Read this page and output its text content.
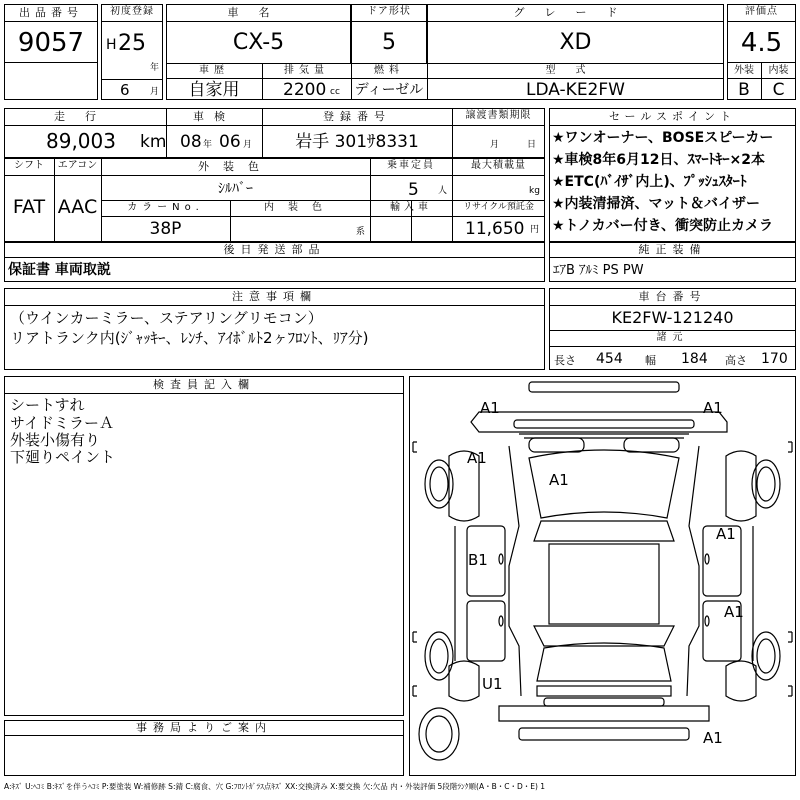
出品番号
9057
初度登録
H 25
年
6 月
車名
CX-5
ドア形状
5
グレード
XD
車歴
自家用
排気量
2200 cc
燃料
ディーゼル
型式
LDA-KE2FW
評価点
4.5
外装	内装
B	C
走行
89,003 km
車検
08 年 06 月
登録番号
岩手 301ｻ8331
譲渡書類期限
月	日
シフト
FAT
エアコン
AAC
外装色
ｼﾙﾊﾞｰ
乗車定員
5 人
最大積載量
kg
カラーNo.
38P
内装色
系
輸入車	リサイクル預託金
11,650 円
セールスポイント
★ワンオーナー、BOSEスピーカー
★車検8年6月12日、ｽﾏｰﾄｷｰ×2本
★ETC(ﾊﾞｲｻﾞ内上)、ﾌﾟｯｼｭｽﾀｰﾄ
★内装清掃済、マット＆バイザー
★トノカバー付き、衝突防止カメラ
後日発送部品
保証書 車両取説
純正装備
ｴｱB ｱﾙﾐ PS PW
注意事項欄
（ウインカーミラー、ステアリングリモコン）
リアトランク内(ｼﾞｬｯｷｰ、ﾚﾝﾁ、ｱｲﾎﾞﾙﾄ2ヶﾌﾛﾝﾄ、ﾘｱ分)
車台番号
KE2FW-121240
諸元
長さ 454 幅 184 高さ 170
検査員記入欄
シートすれ
サイドミラーＡ
外装小傷有り
下廻りペイント
事務局よりご案内
A1	A1
A1
A1
A1
B1
A1
U1
A1
A:ｷｽﾞ U:ﾍｺﾐ B:ｷｽﾞを伴うﾍｺﾐ P:要塗装 W:補修跡 S:錆 C:腐食、穴 G:ﾌﾛﾝﾄｶﾞﾗｽ点ｷｽﾞ XX:交換済み X:要交換 欠:欠品 内・外装評価 5段階ﾗﾝｸ順(A・B・C・D・E) 1
